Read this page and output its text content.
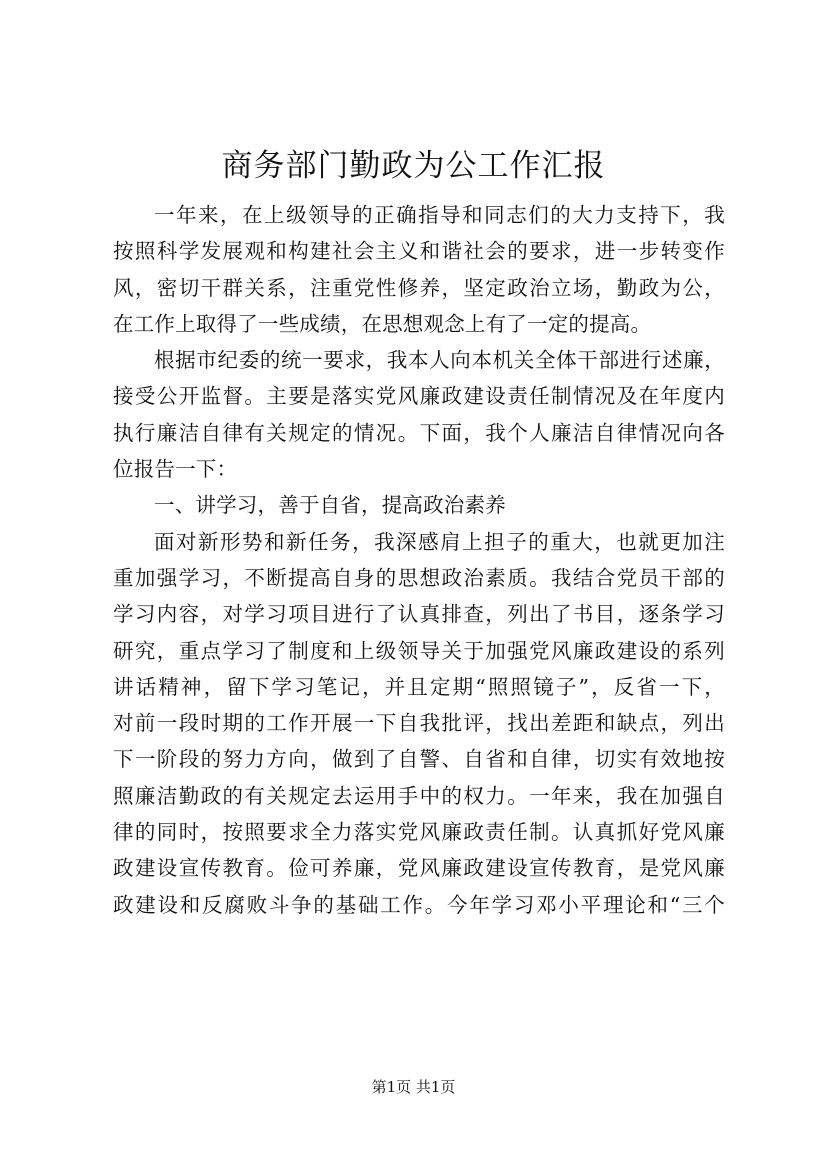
商务部门勤政为公工作汇报
一年来，在上级领导的正确指导和同志们的大力支持下，我
按照科学发展观和构建社会主义和谐社会的要求，进一步转变作
风，密切干群关系，注重党性修养，坚定政治立场，勤政为公，
在工作上取得了一些成绩，在思想观念上有了一定的提高。
根据市纪委的统一要求，我本人向本机关全体干部进行述廉，
接受公开监督。主要是落实党风廉政建设责任制情况及在年度内
执行廉洁自律有关规定的情况。下面，我个人廉洁自律情况向各
位报告一下：
一、讲学习，善于自省，提高政治素养
面对新形势和新任务，我深感肩上担子的重大，也就更加注
重加强学习，不断提高自身的思想政治素质。我结合党员干部的
学习内容，对学习项目进行了认真排查，列出了书目，逐条学习
研究，重点学习了制度和上级领导关于加强党风廉政建设的系列
讲话精神，留下学习笔记，并且定期“照照镜子”，反省一下，
对前一段时期的工作开展一下自我批评，找出差距和缺点，列出
下一阶段的努力方向，做到了自警、自省和自律，切实有效地按
照廉洁勤政的有关规定去运用手中的权力。一年来，我在加强自
律的同时，按照要求全力落实党风廉政责任制。认真抓好党风廉
政建设宣传教育。俭可养廉，党风廉政建设宣传教育，是党风廉
政建设和反腐败斗争的基础工作。今年学习邓小平理论和“三个
第1页 共1页
